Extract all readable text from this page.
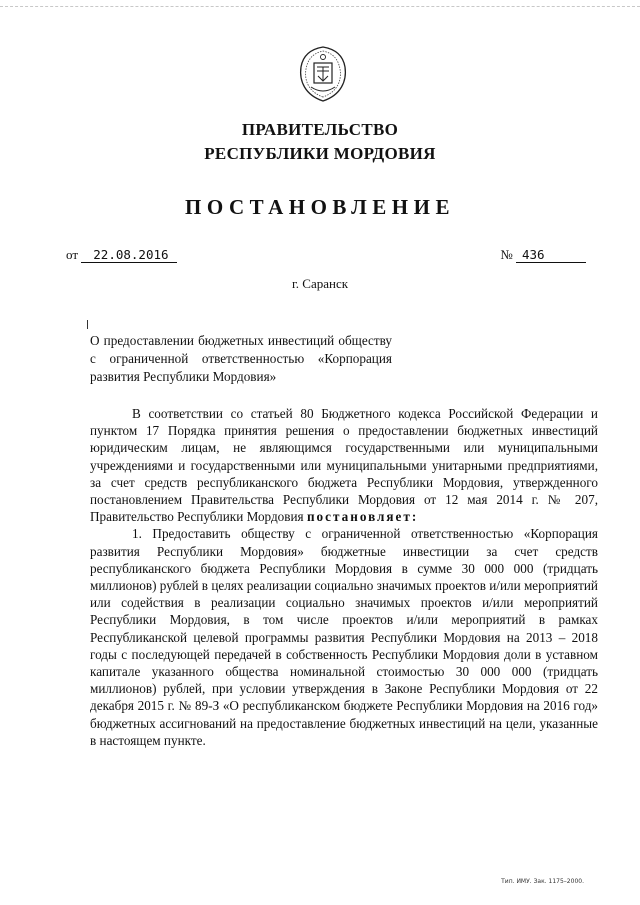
ПРАВИТЕЛЬСТВО
РЕСПУБЛИКИ МОРДОВИЯ
ПОСТАНОВЛЕНИЕ
от 22.08.2016	№ 436
г. Саранск
О предоставлении бюджетных инвестиций обществу с ограниченной ответственностью «Корпорация развития Республики Мордовия»

В соответствии со статьей 80 Бюджетного кодекса Российской Федерации и пунктом 17 Порядка принятия решения о предоставлении бюджетных инвестиций юридическим лицам, не являющимся государственными или муниципальными учреждениями и государственными или муниципальными унитарными предприятиями, за счет средств республиканского бюджета Республики Мордовия, утвержденного постановлением Правительства Республики Мордовия от 12 мая 2014 г. № 207, Правительство Республики Мордовия постановляет:

1. Предоставить обществу с ограниченной ответственностью «Корпорация развития Республики Мордовия» бюджетные инвестиции за счет средств республиканского бюджета Республики Мордовия в сумме 30 000 000 (тридцать миллионов) рублей в целях реализации социально значимых проектов и/или мероприятий или содействия в реализации социально значимых проектов и/или мероприятий Республики Мордовия, в том числе проектов и/или мероприятий в рамках Республиканской целевой программы развития Республики Мордовия на 2013 – 2018 годы с последующей передачей в собственность Республики Мордовия доли в уставном капитале указанного общества номинальной стоимостью 30 000 000 (тридцать миллионов) рублей, при условии утверждения в Законе Республики Мордовия от 22 декабря 2015 г. № 89-З «О республиканском бюджете Республики Мордовия на 2016 год» бюджетных ассигнований на предоставление бюджетных инвестиций на цели, указанные в настоящем пункте.

Тип. ИМУ. Зак. 1175–2000.
